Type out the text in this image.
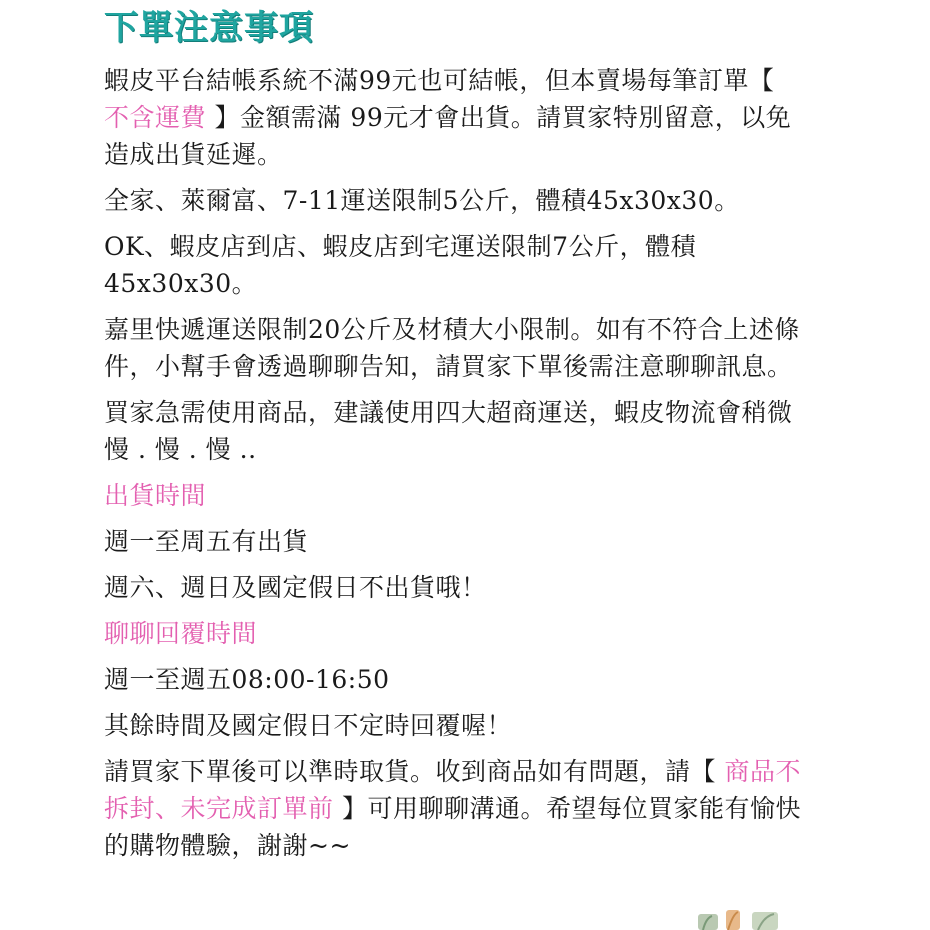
下單注意事項

蝦皮平台結帳系統不滿99元也可結帳，但本賣場每筆訂單【 不含運費 】金額需滿 99元才會出貨。請買家特別留意，以免造成出貨延遲。

全家、萊爾富、7-11運送限制5公斤，體積45x30x30。

OK、蝦皮店到店、蝦皮店到宅運送限制7公斤，體積45x30x30。

嘉里快遞運送限制20公斤及材積大小限制。如有不符合上述條件，小幫手會透過聊聊告知，請買家下單後需注意聊聊訊息。

買家急需使用商品，建議使用四大超商運送，蝦皮物流會稍微慢 . 慢 . 慢 ..

出貨時間

週一至周五有出貨

週六、週日及國定假日不出貨哦！

聊聊回覆時間

週一至週五08:00-16:50

其餘時間及國定假日不定時回覆喔！

請買家下單後可以準時取貨。收到商品如有問題，請【 商品不拆封、未完成訂單前 】可用聊聊溝通。希望每位買家能有愉快的購物體驗，謝謝~~
